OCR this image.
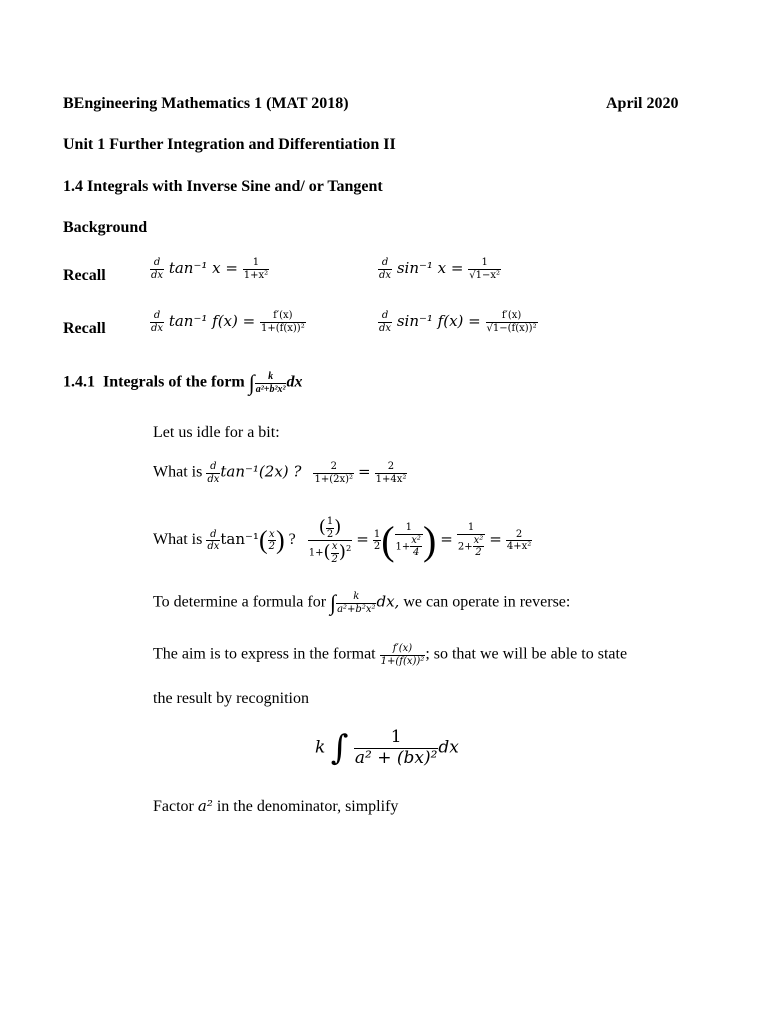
BEngineering Mathematics 1 (MAT 2018)	April 2020
Unit 1 Further Integration and Differentiation II
1.4 Integrals with Inverse Sine and/ or Tangent
Background
Recall	$\frac{d}{dx} \tan^{-1}$ $x = \frac{1}{\text{1+x²}}$	$\frac{d}{dx} \sin^{-1}$ $x = \frac{1}{\text{√1−x²}}$
Recall	$\frac{d}{dx} \tan^{-1}$ $f(x) = \frac{f'(x)}{\text{1+(f(x))²}}$	$\frac{d}{dx} \sin^{-1}$ $f(x) = \frac{f'(x)}{\text{√1−(f(x))²}}$
1.4.1 Integrals of the form ∫ $\frac{k}{\text{a²+b²x²}}$ dx
Let us idle for a bit:
What is $\frac{d}{dx} \tan^{-1}(2x)$ ? $\frac{2}{\text{1+(2x)²}} = \frac{2}{\text{1+4x²}}$
What is $\frac{d}{dx} \tan^{-1}( \frac{x}{2}$ ) ? $\frac{( \frac{1}{2} )}{1+( \frac{x}{2} )^2} = \frac{1}{2}$ ( $\frac{1}{1+ \frac{\text{x²}}{4}}$ ) = $\frac{1}{2+ \frac{\text{x²}}{2}} = \frac{2}{\text{4+x²}}$
To determine a formula for ∫ $\frac{k}{\text{a²+b²x²}}$ dx, we can operate in reverse:
The aim is to express in the format $\frac{f'(x)}{\text{1+(f(x))²}}$ ; so that we will be able to state
the result by recognition
k ∫ $\frac{1}{\text{a² + (bx)²}}$ dx
Factor a² in the denominator, simplify
